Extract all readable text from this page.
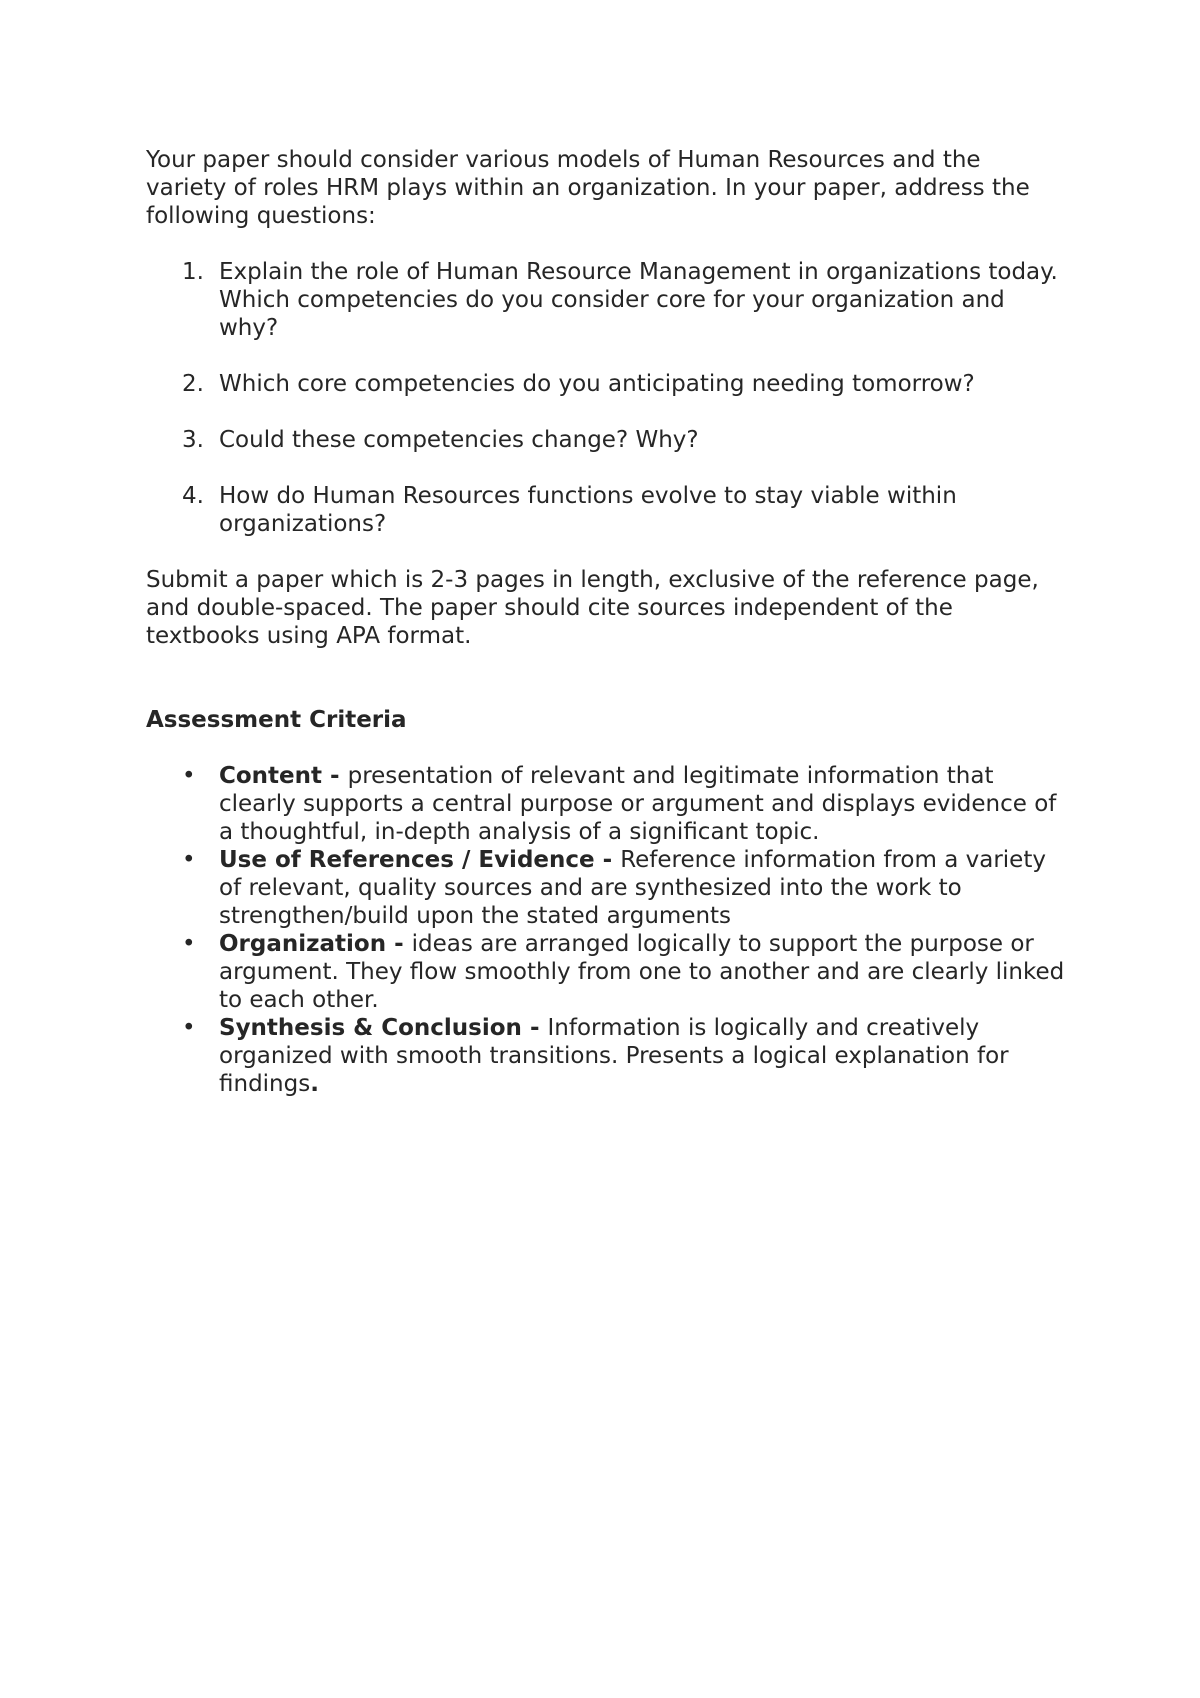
Your paper should consider various models of Human Resources and the variety of roles HRM plays within an organization. In your paper, address the following questions:

1. Explain the role of Human Resource Management in organizations today. Which competencies do you consider core for your organization and why?
2. Which core competencies do you anticipating needing tomorrow?
3. Could these competencies change? Why?
4. How do Human Resources functions evolve to stay viable within organizations?

Submit a paper which is 2-3 pages in length, exclusive of the reference page, and double-spaced. The paper should cite sources independent of the textbooks using APA format.

Assessment Criteria

• Content - presentation of relevant and legitimate information that clearly supports a central purpose or argument and displays evidence of a thoughtful, in-depth analysis of a significant topic.
• Use of References / Evidence - Reference information from a variety of relevant, quality sources and are synthesized into the work to strengthen/build upon the stated arguments
• Organization - ideas are arranged logically to support the purpose or argument. They flow smoothly from one to another and are clearly linked to each other.
• Synthesis & Conclusion - Information is logically and creatively organized with smooth transitions. Presents a logical explanation for findings.
